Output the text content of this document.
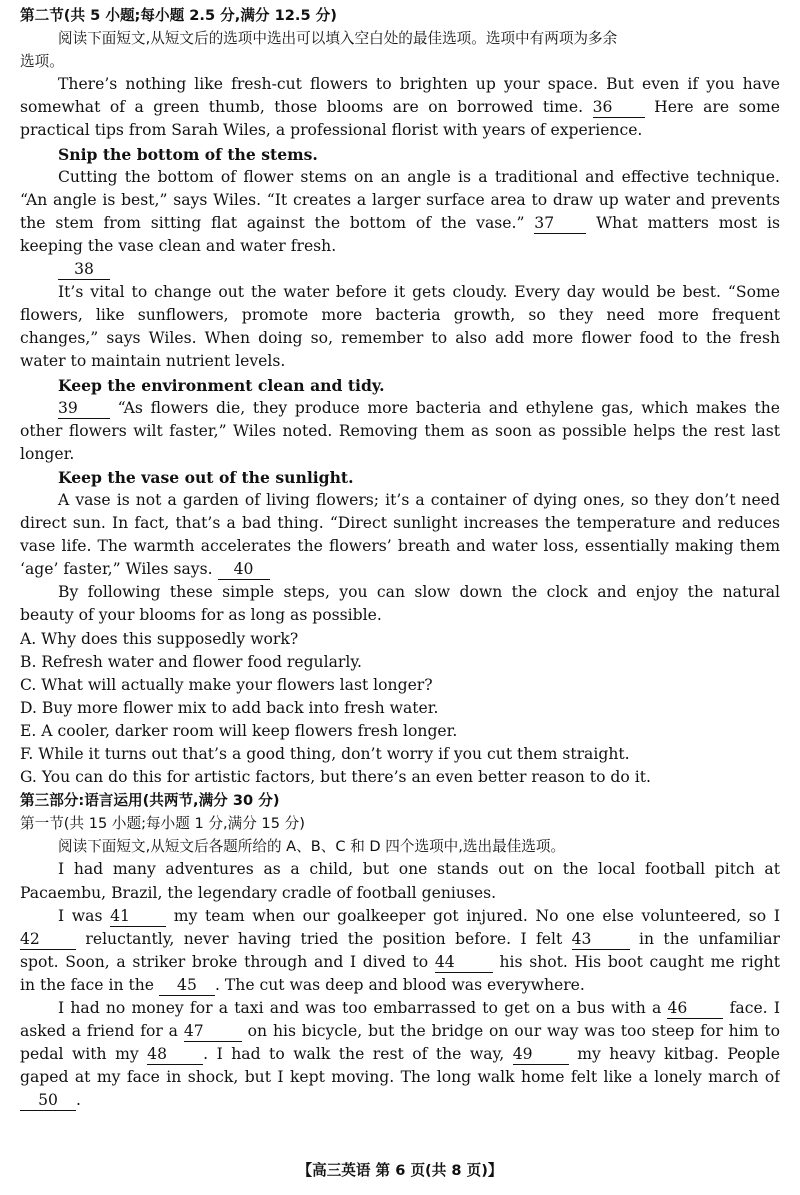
第二节(共 5 小题;每小题 2.5 分,满分 12.5 分)
阅读下面短文,从短文后的选项中选出可以填入空白处的最佳选项。选项中有两项为多余
选项。
There’s nothing like fresh-cut flowers to brighten up your space. But even if you have
somewhat of a green thumb, those blooms are on borrowed time. 36	Here are some
practical tips from Sarah Wiles, a professional florist with years of experience.
Snip the bottom of the stems.
Cutting the bottom of flower stems on an angle is a traditional and effective technique.
“An angle is best,” says Wiles. “It creates a larger surface area to draw up water and prevents
the stem from sitting flat against the bottom of the vase.” 37	What matters most is
keeping the vase clean and water fresh.
38
It’s vital to change out the water before it gets cloudy. Every day would be best. “Some
flowers, like sunflowers, promote more bacteria growth, so they need more frequent
changes,” says Wiles. When doing so, remember to also add more flower food to the fresh
water to maintain nutrient levels.
Keep the environment clean and tidy.
39	“As flowers die, they produce more bacteria and ethylene gas, which makes the
other flowers wilt faster,” Wiles noted. Removing them as soon as possible helps the rest last
longer.
Keep the vase out of the sunlight.
A vase is not a garden of living flowers; it’s a container of dying ones, so they don’t need
direct sun. In fact, that’s a bad thing. “Direct sunlight increases the temperature and reduces
vase life. The warmth accelerates the flowers’ breath and water loss, essentially making them
‘age’ faster,” Wiles says. 40
By following these simple steps, you can slow down the clock and enjoy the natural
beauty of your blooms for as long as possible.
A. Why does this supposedly work?
B. Refresh water and flower food regularly.
C. What will actually make your flowers last longer?
D. Buy more flower mix to add back into fresh water.
E. A cooler, darker room will keep flowers fresh longer.
F. While it turns out that’s a good thing, don’t worry if you cut them straight.
G. You can do this for artistic factors, but there’s an even better reason to do it.
第三部分:语言运用(共两节,满分 30 分)
第一节(共 15 小题;每小题 1 分,满分 15 分)
阅读下面短文,从短文后各题所给的 A、B、C 和 D 四个选项中,选出最佳选项。
I had many adventures as a child, but one stands out on the local football pitch at
Pacaembu, Brazil, the legendary cradle of football geniuses.
I was 41	my team when our goalkeeper got injured. No one else volunteered, so I
42	reluctantly, never having tried the position before. I felt 43	in the unfamiliar
spot. Soon, a striker broke through and I dived to 44	his shot. His boot caught me right
in the face in the 45 . The cut was deep and blood was everywhere.
I had no money for a taxi and was too embarrassed to get on a bus with a 46	face. I
asked a friend for a 47	on his bicycle, but the bridge on our way was too steep for him to
pedal with my 48 . I had to walk the rest of the way, 49	my heavy kitbag. People
gaped at my face in shock, but I kept moving. The long walk home felt like a lonely march of
50 .
【高三英语 第 6 页(共 8 页)】
